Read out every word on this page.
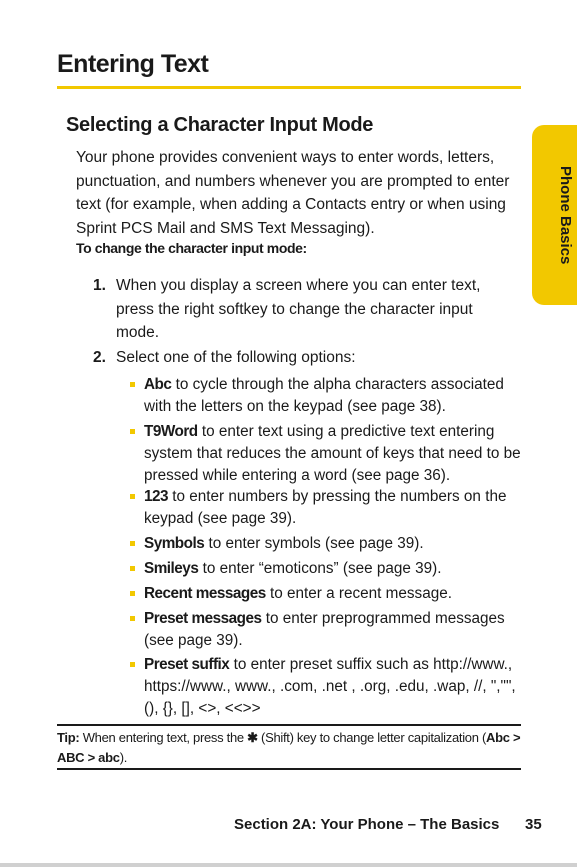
Entering Text
Selecting a Character Input Mode
Your phone provides convenient ways to enter words, letters, punctuation, and numbers whenever you are prompted to enter text (for example, when adding a Contacts entry or when using Sprint PCS Mail and SMS Text Messaging).
To change the character input mode:
1. When you display a screen where you can enter text, press the right softkey to change the character input mode.
2. Select one of the following options:
Abc to cycle through the alpha characters associated with the letters on the keypad (see page 38).
T9Word to enter text using a predictive text entering system that reduces the amount of keys that need to be pressed while entering a word (see page 36).
123 to enter numbers by pressing the numbers on the keypad (see page 39).
Symbols to enter symbols (see page 39).
Smileys to enter “emoticons” (see page 39).
Recent messages to enter a recent message.
Preset messages to enter preprogrammed messages (see page 39).
Preset suffix to enter preset suffix such as http://www., https://www., www., .com, .net , .org, .edu, .wap, //, ","", (), {}, [], <>, <<>>
Tip: When entering text, press the ✱ (Shift) key to change letter capitalization (Abc > ABC > abc).
Phone Basics
Section 2A: Your Phone – The Basics 35
